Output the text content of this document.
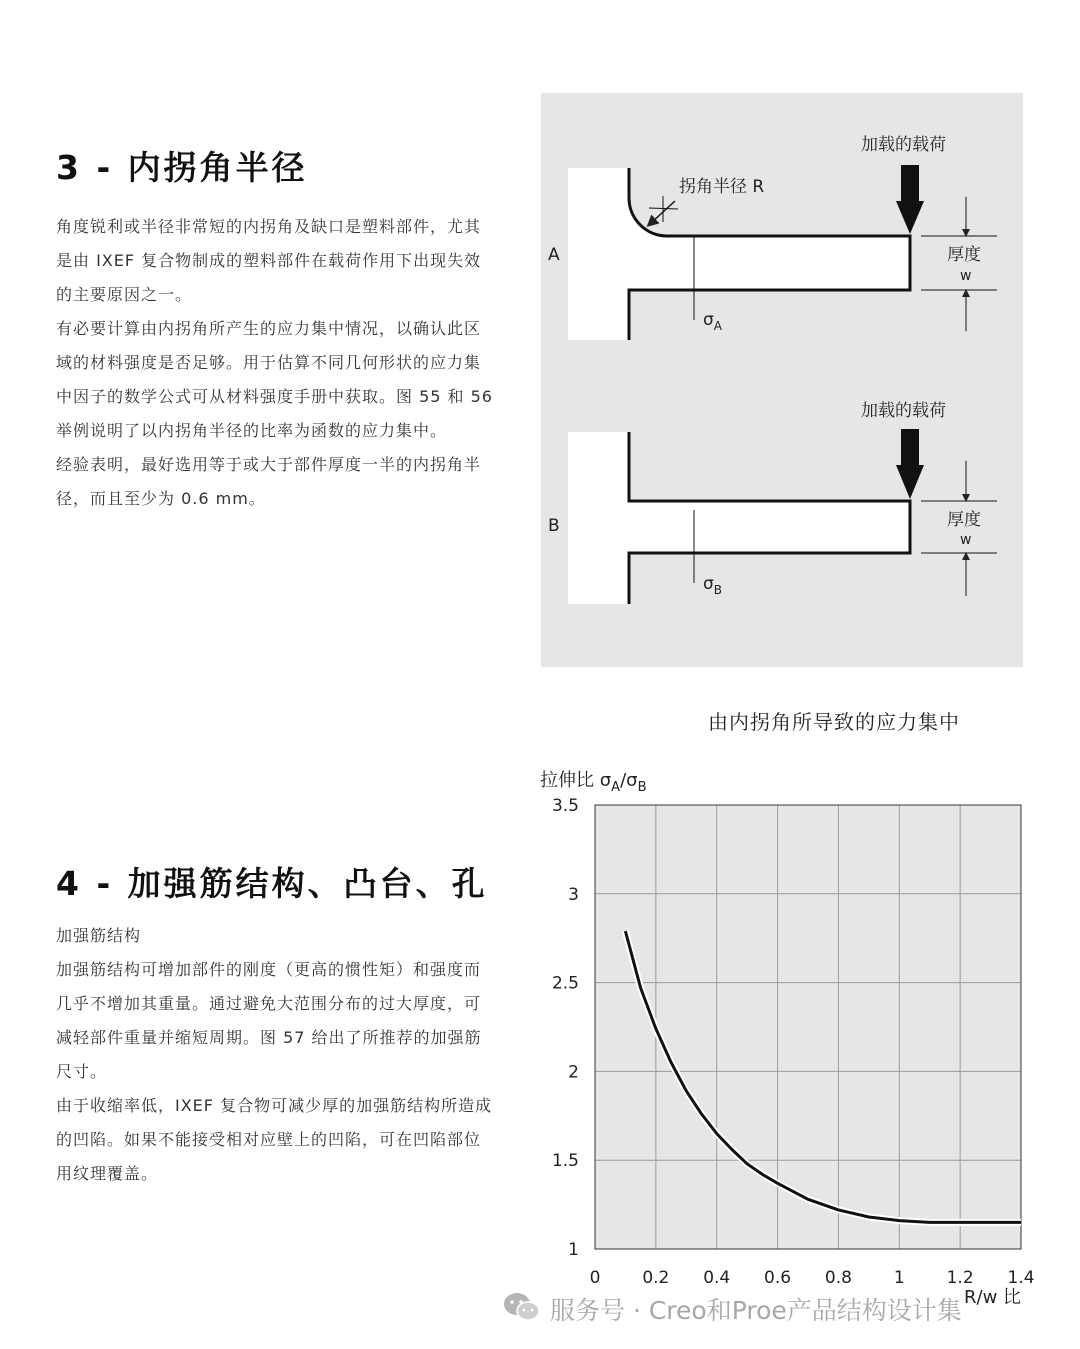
3 - 内拐角半径

角度锐利或半径非常短的内拐角及缺口是塑料部件，尤其是由 IXEF 复合物制成的塑料部件在载荷作用下出现失效的主要原因之一。

有必要计算由内拐角所产生的应力集中情况，以确认此区域的材料强度是否足够。用于估算不同几何形状的应力集中因子的数学公式可从材料强度手册中获取。图 55 和 56 举例说明了以内拐角半径的比率为函数的应力集中。

经验表明，最好选用等于或大于部件厚度一半的内拐角半径，而且至少为 0.6 mm。

4 - 加强筋结构、凸台、孔

加强筋结构

加强筋结构可增加部件的刚度（更高的惯性矩）和强度而几乎不增加其重量。通过避免大范围分布的过大厚度，可减轻部件重量并缩短周期。图 57 给出了所推荐的加强筋尺寸。

由于收缩率低，IXEF 复合物可减少厚的加强筋结构所造成的凹陷。如果不能接受相对应壁上的凹陷，可在凹陷部位用纹理覆盖。

A
$\sigma_A$
拐角半径 R
加载的载荷
厚度
w
B
$\sigma_B$
加载的载荷
厚度
w
由内拐角所导致的应力集中
1
1.5
2
2.5
3
3.5
0 0.2 0.4 0.6 0.8 1 1.2 1.4
拉伸比 $\sigma_A/\sigma_B$
R/w 比
服务号 · Creo和Proe产品结构设计集
